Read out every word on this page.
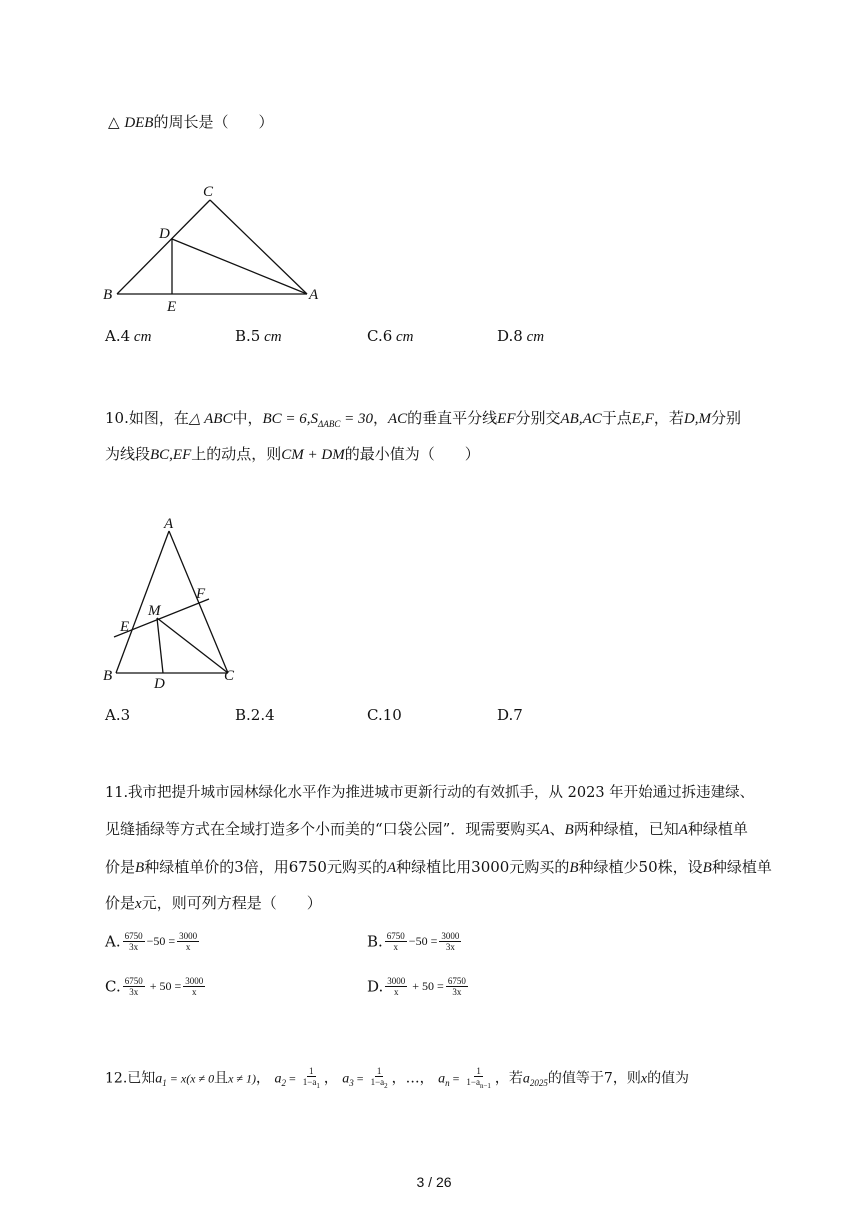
△ DEB的周长是（　　）
C
D
B
E
A
A.4 cm	B.5 cm	C.6 cm	D.8 cm
10.如图，在△ ABC中，BC = $6,S_{\Delta ABC} = 30$，AC的垂直平分线EF分别交AB,AC于点E,F，若D,M分别
为线段BC,EF上的动点，则CM + DM的最小值为（　　）
A
F
M
E
B	D	C
A.3	B.2.4	C.10	D.7
11.我市把提升城市园林绿化水平作为推进城市更新行动的有效抓手，从 2023 年开始通过拆违建绿、
见缝插绿等方式在全域打造多个小而美的“口袋公园”．现需要购买A、B两种绿植，已知A种绿植单
价是B种绿植单价的3倍，用6750元购买的A种绿植比用3000元购买的B种绿植少50株，设B种绿植单
价是x元，则可列方程是（　　）
A. $\frac{6750}{3x} -50 = \frac{3000}{x}$	B. $\frac{6750}{x} -50 = \frac{3000}{3x}$
C. $\frac{6750}{3x} + 50 = \frac{3000}{x}$	D. $\frac{3000}{x} + 50 = \frac{6750}{3x}$
12.已知$a_1 = x(x \ne 0$且x ≠ 1)， $a_2 = \frac{1}{1-a_1}$ ， $a_3 = \frac{1}{1-a_2}$ ，…， $a_n = \frac{1}{1-a_{n-1}}$ ，若$a_{2025}$的值等于7，则x的值为
3 / 26
